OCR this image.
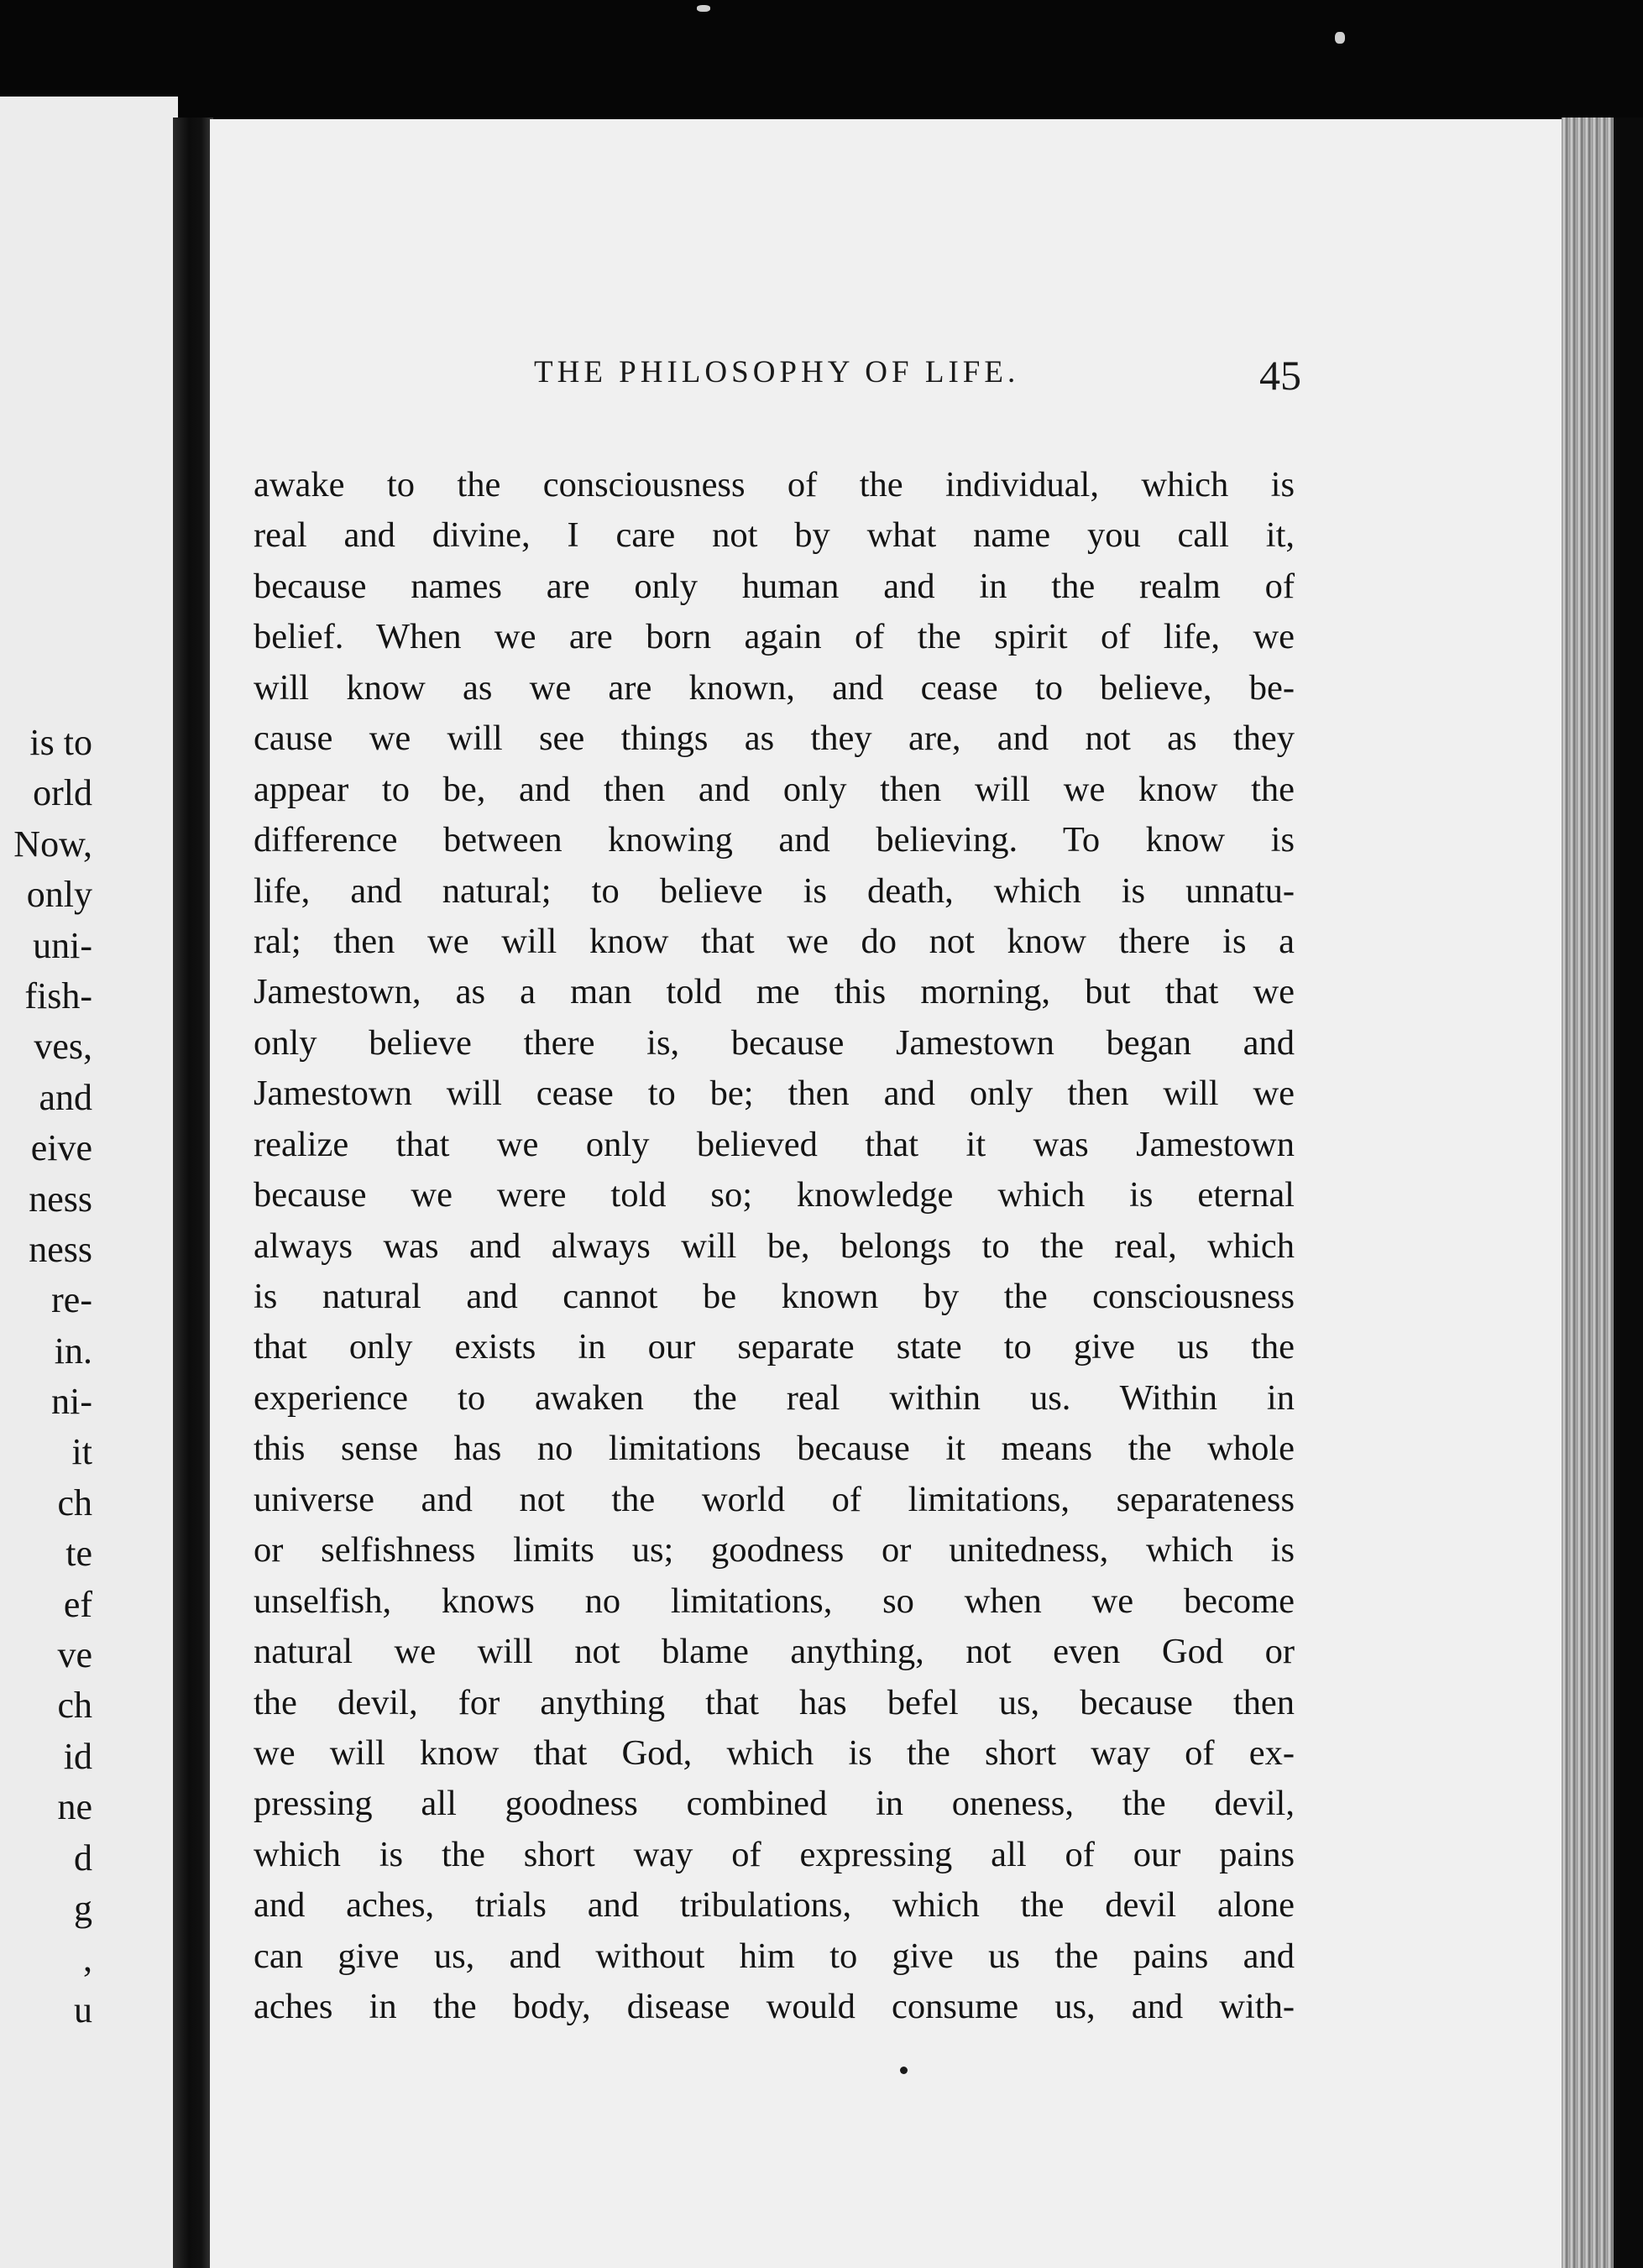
is to
orld
Now,
only
uni-
fish-
ves,
and
eive
ness
ness
re-
in.
ni-
it
ch
te
ef
ve
ch
id
ne
d
g
,
u
THE PHILOSOPHY OF LIFE.	45
awake to the consciousness of the individual, which is
real and divine, I care not by what name you call it,
because names are only human and in the realm of
belief. When we are born again of the spirit of life, we
will know as we are known, and cease to believe, be-
cause we will see things as they are, and not as they
appear to be, and then and only then will we know the
difference between knowing and believing. To know is
life, and natural; to believe is death, which is unnatu-
ral; then we will know that we do not know there is a
Jamestown, as a man told me this morning, but that we
only believe there is, because Jamestown began and
Jamestown will cease to be; then and only then will we
realize that we only believed that it was Jamestown
because we were told so; knowledge which is eternal
always was and always will be, belongs to the real, which
is natural and cannot be known by the consciousness
that only exists in our separate state to give us the
experience to awaken the real within us. Within in
this sense has no limitations because it means the whole
universe and not the world of limitations, separateness
or selfishness limits us; goodness or unitedness, which is
unselfish, knows no limitations, so when we become
natural we will not blame anything, not even God or
the devil, for anything that has befel us, because then
we will know that God, which is the short way of ex-
pressing all goodness combined in oneness, the devil,
which is the short way of expressing all of our pains
and aches, trials and tribulations, which the devil alone
can give us, and without him to give us the pains and
aches in the body, disease would consume us, and with-
